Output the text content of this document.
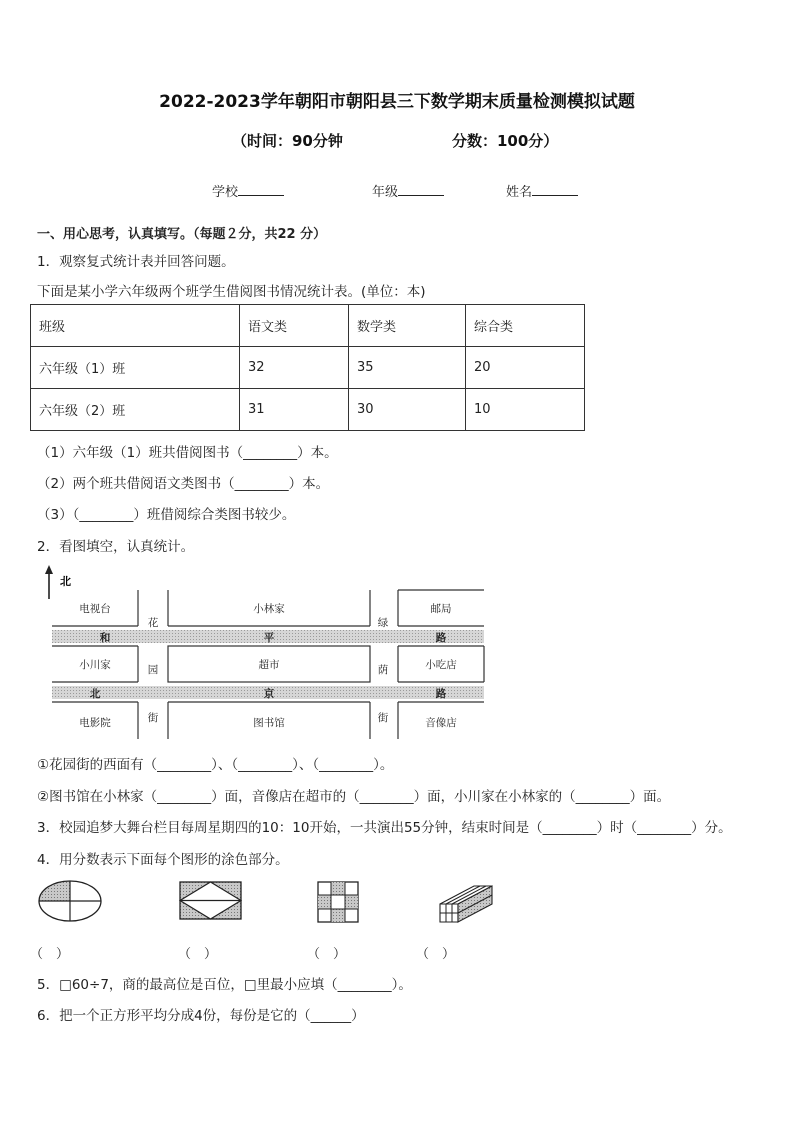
2022-2023学年朝阳市朝阳县三下数学期末质量检测模拟试题
（时间：90分钟	分数：100分）
学校	年级	姓名
一、用心思考，认真填写。（每题２分，共22 分）
1．观察复式统计表并回答问题。
下面是某小学六年级两个班学生借阅图书情况统计表。(单位：本)
班级	语文类	数学类	综合类
六年级（1）班	32	35	20
六年级（2）班	31	30	10
（1）六年级（1）班共借阅图书（________）本。
（2）两个班共借阅语文类图书（________）本。
（3）（________）班借阅综合类图书较少。
2．看图填空，认真统计。
北
电视台	小林家	邮局
小川家	超市	小吃店
电影院	图书馆	音像店
和	平	路
北	京	路
花
园
街
绿
荫
街
①花园街的西面有（________）、（________）、（________）。
②图书馆在小林家（________）面，音像店在超市的（________）面，小川家在小林家的（________）面。
3．校园追梦大舞台栏目每周星期四的10：10开始，一共演出55分钟，结束时间是（________）时（________）分。
4．用分数表示下面每个图形的涂色部分。
（　）	（　）	（　）	（　）
5．□60÷7，商的最高位是百位，□里最小应填（________）。
6．把一个正方形平均分成4份，每份是它的（______）
